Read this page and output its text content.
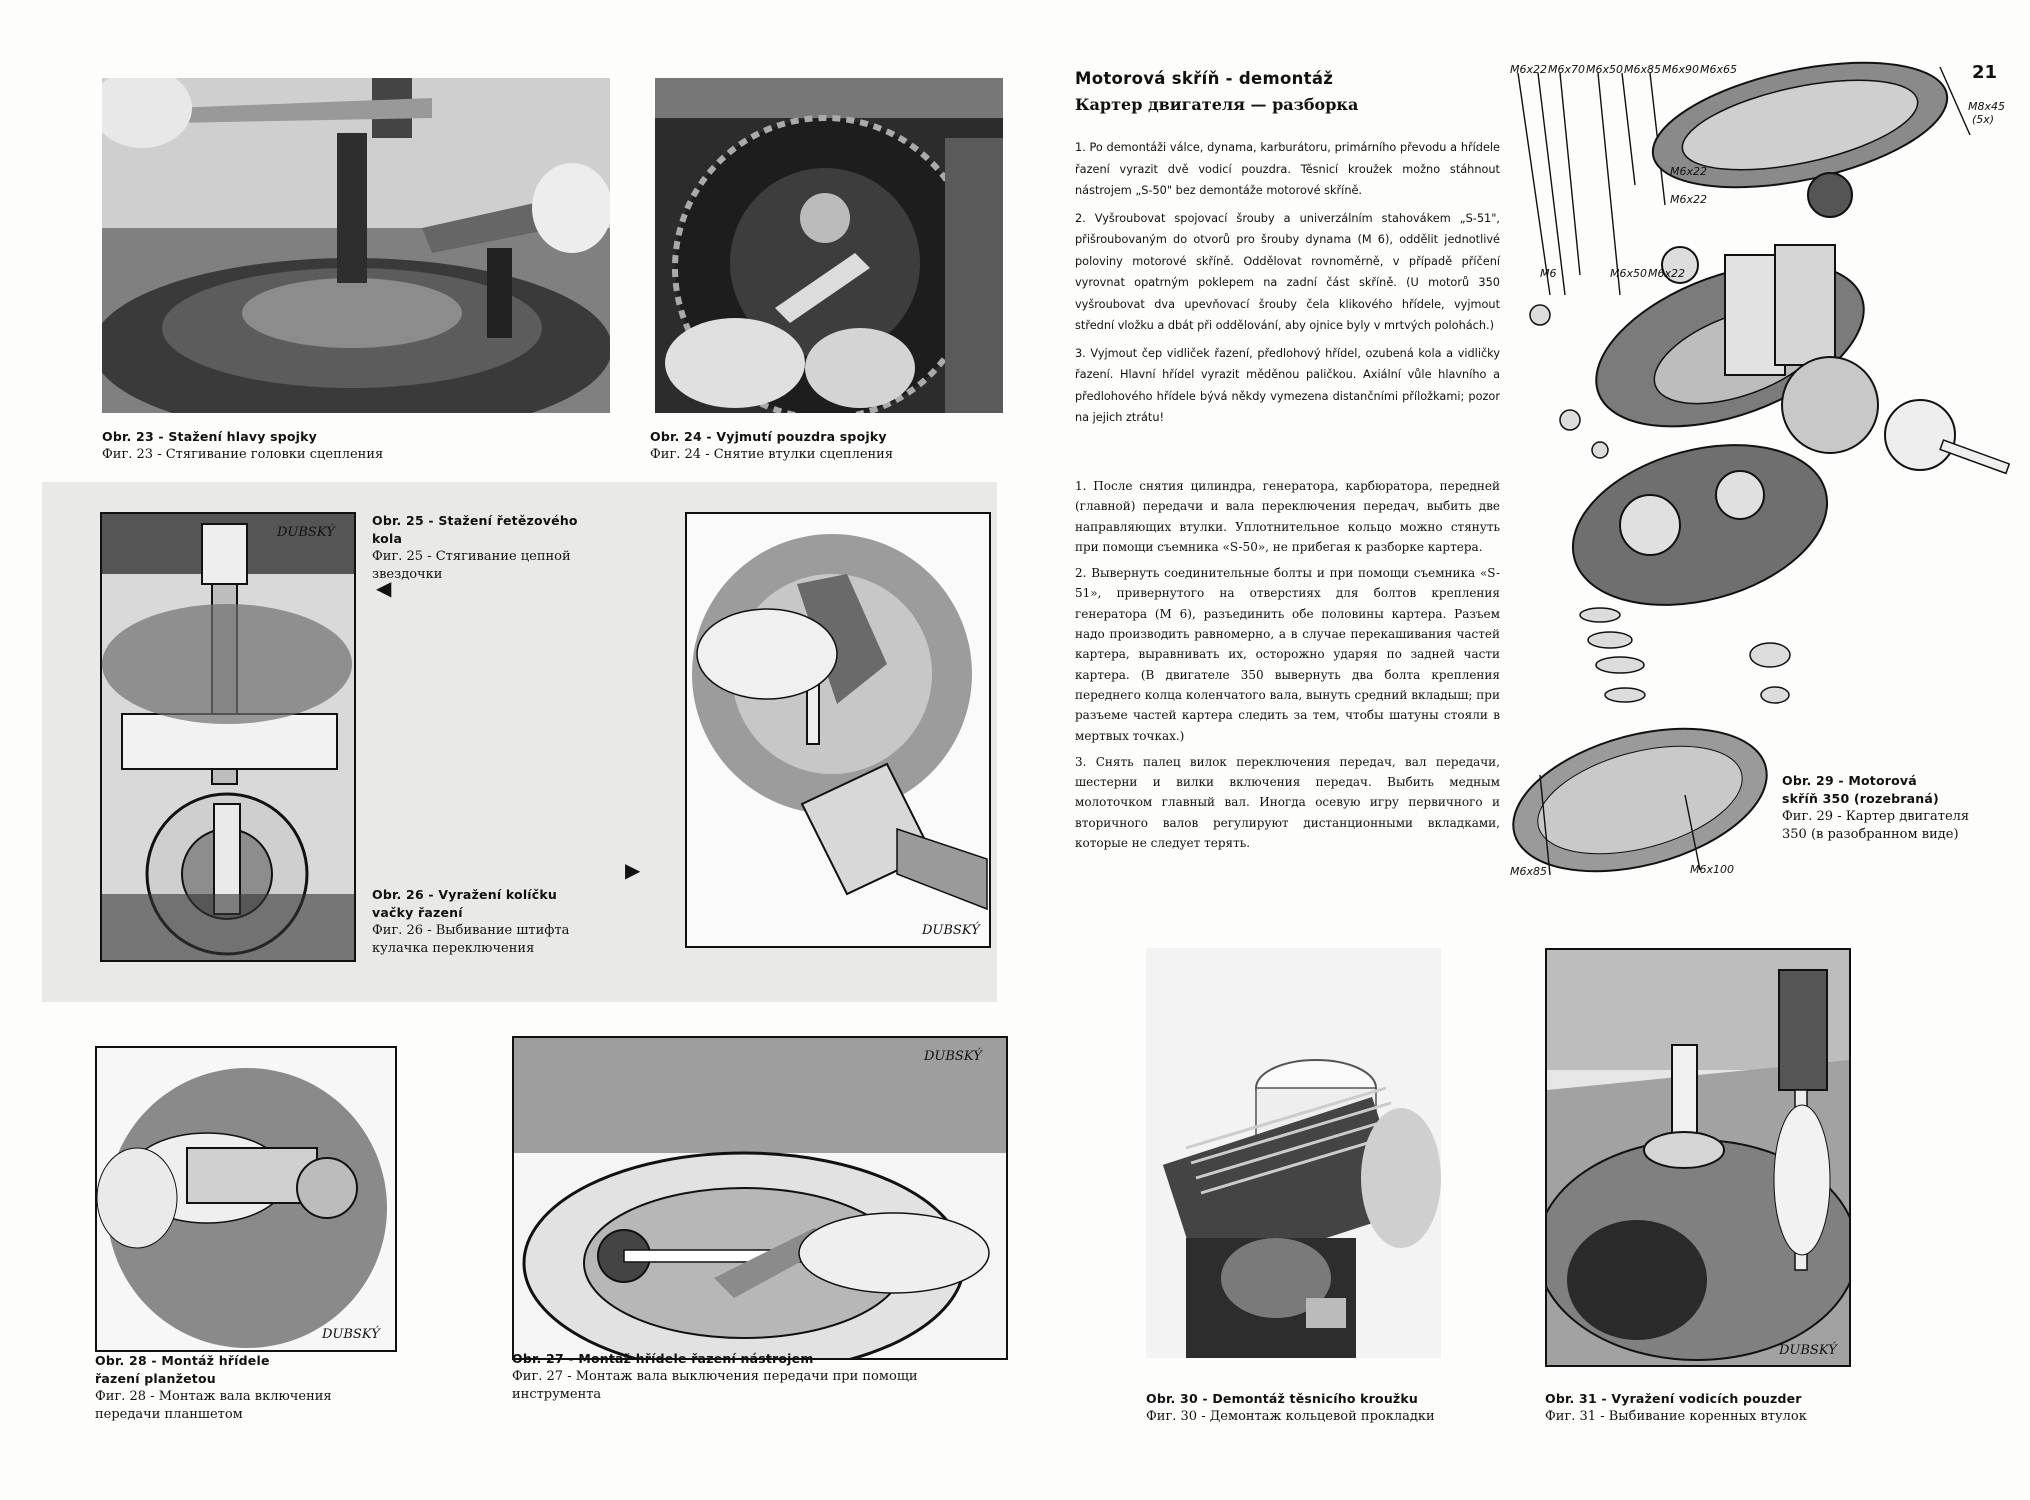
Obr. 23 - Stažení hlavy spojky
Фиг. 23 - Стягивание головки сцепления
Obr. 24 - Vyjmutí pouzdra spojky
Фиг. 24 - Снятие втулки сцепления
DUBSKÝ
Obr. 25 - Stažení řetězového kola
Фиг. 25 - Стягивание цепной звездочки
◀
Obr. 26 - Vyražení kolíčku vačky řazení
Фиг. 26 - Выбивание штифта кулачка переключения
▶
DUBSKÝ
DUBSKÝ
Obr. 28 - Montáž hřídele řazení planžetou
Фиг. 28 - Монтаж вала включения передачи планшетом
DUBSKÝ
Obr. 27 - Montáž hřídele řazení nástrojem
Фиг. 27 - Монтаж вала выключения передачи при помощи инструмента
21
Motorová skříň - demontáž
Картер двигателя — разборка

1. Po demontáži válce, dynama, karburátoru, primárního převodu a hřídele řazení vyrazit dvě vodicí pouzdra. Těsnicí kroužek možno stáhnout nástrojem „S-50" bez demontáže motorové skříně.

2. Vyšroubovat spojovací šrouby a univerzálním stahovákem „S-51", přišroubovaným do otvorů pro šrouby dynama (M 6), oddělit jednotlivé poloviny motorové skříně. Oddělovat rovnoměrně, v případě příčení vyrovnat opatrným poklepem na zadní část skříně. (U motorů 350 vyšroubovat dva upevňovací šrouby čela klikového hřídele, vyjmout střední vložku a dbát při oddělování, aby ojnice byly v mrtvých polohách.)

3. Vyjmout čep vidliček řazení, předlohový hřídel, ozubená kola a vidličky řazení. Hlavní hřídel vyrazit měděnou paličkou. Axiální vůle hlavního a předlohového hřídele bývá někdy vymezena distančními příložkami; pozor na jejich ztrátu!

1. После снятия цилиндра, генератора, карбюратора, передней (главной) передачи и вала переключения передач, выбить две направляющих втулки. Уплотнительное кольцо можно стянуть при помощи съемника «S-50», не прибегая к разборке картера.

2. Вывернуть соединительные болты и при помощи съемника «S-51», привернутого на отверстиях для болтов крепления генератора (M 6), разъединить обе половины картера. Разъем надо производить равномерно, а в случае перекашивания частей картера, выравнивать их, осторожно ударяя по задней части картера. (В двигателе 350 вывернуть два болта крепления переднего колца коленчатого вала, вынуть средний вкладыш; при разъеме частей картера следить за тем, чтобы шатуны стояли в мертвых точках.)

3. Снять палец вилок переключения передач, вал передачи, шестерни и вилки включения передач. Выбить медным молоточком главный вал. Иногда осевую игру первичного и вторичного валов регулируют дистанционными вкладками, которые не следует терять.

M6x22 M6x70 M6x50 M6x85 M6x90 M6x65
M6x22
M6x22
M6	M6x50 M6x22
M8x45
(5x)
M6x85	M6x100
Obr. 29 - Motorová skříň 350 (rozebraná)
Фиг. 29 - Картер двигателя 350 (в разобранном виде)
Obr. 30 - Demontáž těsnicího kroužku
Фиг. 30 - Демонтаж кольцевой прокладки
DUBSKÝ
Obr. 31 - Vyražení vodicích pouzder
Фиг. 31 - Выбивание коренных втулок
